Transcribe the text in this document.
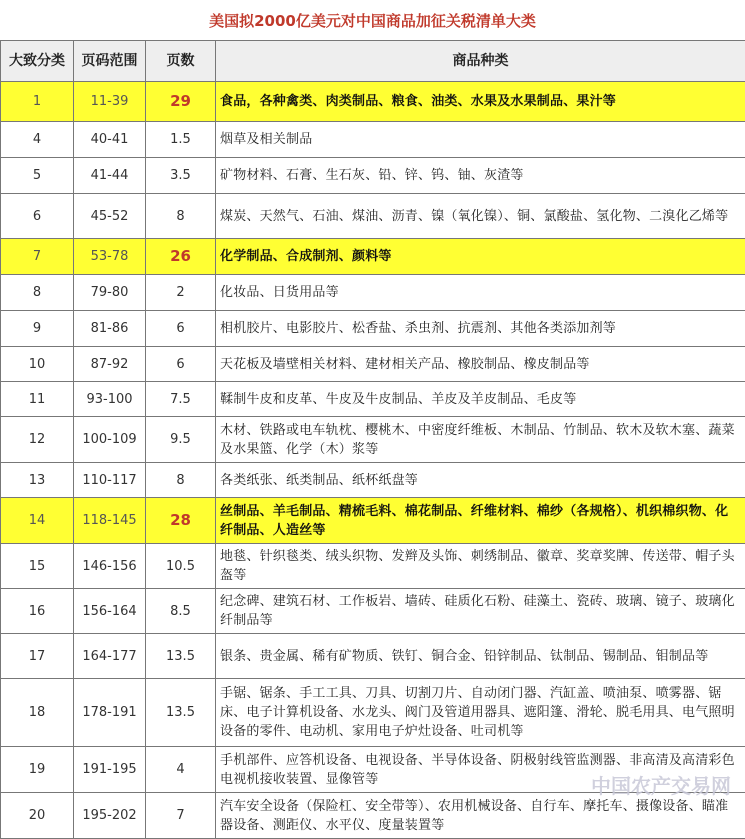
美国拟2000亿美元对中国商品加征关税清单大类
大致分类	页码范围	页数	商品种类
1	11-39	29	食品，各种禽类、肉类制品、粮食、油类、水果及水果制品、果汁等
4	40-41	1.5	烟草及相关制品
5	41-44	3.5	矿物材料、石膏、生石灰、铅、锌、钨、铀、灰渣等
6	45-52	8	煤炭、天然气、石油、煤油、沥青、镍（氧化镍）、铜、氯酸盐、氢化物、二溴化乙烯等
7	53-78	26	化学制品、合成制剂、颜料等
8	79-80	2	化妆品、日货用品等
9	81-86	6	相机胶片、电影胶片、松香盐、杀虫剂、抗震剂、其他各类添加剂等
10	87-92	6	天花板及墙壁相关材料、建材相关产品、橡胶制品、橡皮制品等
11	93-100	7.5	鞣制牛皮和皮革、牛皮及牛皮制品、羊皮及羊皮制品、毛皮等
12	100-109	9.5	木材、铁路或电车轨枕、樱桃木、中密度纤维板、木制品、竹制品、软木及软木塞、蔬菜及水果篮、化学（木）浆等
13	110-117	8	各类纸张、纸类制品、纸杯纸盘等
14	118-145	28	丝制品、羊毛制品、精梳毛料、棉花制品、纤维材料、棉纱（各规格）、机织棉织物、化纤制品、人造丝等
15	146-156	10.5	地毯、针织毯类、绒头织物、发辫及头饰、刺绣制品、徽章、奖章奖牌、传送带、帽子头盔等
16	156-164	8.5	纪念碑、建筑石材、工作板岩、墙砖、硅质化石粉、硅藻土、瓷砖、玻璃、镜子、玻璃化纤制品等
17	164-177	13.5	银条、贵金属、稀有矿物质、铁钉、铜合金、铅锌制品、钛制品、锡制品、钼制品等
18	178-191	13.5	手锯、锯条、手工工具、刀具、切割刀片、自动闭门器、汽缸盖、喷油泵、喷雾器、锯床、电子计算机设备、水龙头、阀门及管道用器具、遮阳篷、滑轮、脱毛用具、电气照明设备的零件、电动机、家用电子炉灶设备、吐司机等
19	191-195	4	手机部件、应答机设备、电视设备、半导体设备、阴极射线管监测器、非高清及高清彩色电视机接收装置、显像管等
20	195-202	7	汽车安全设备（保险杠、安全带等）、农用机械设备、自行车、摩托车、摄像设备、瞄准器设备、测距仪、水平仪、度量装置等
中国农产交易网
